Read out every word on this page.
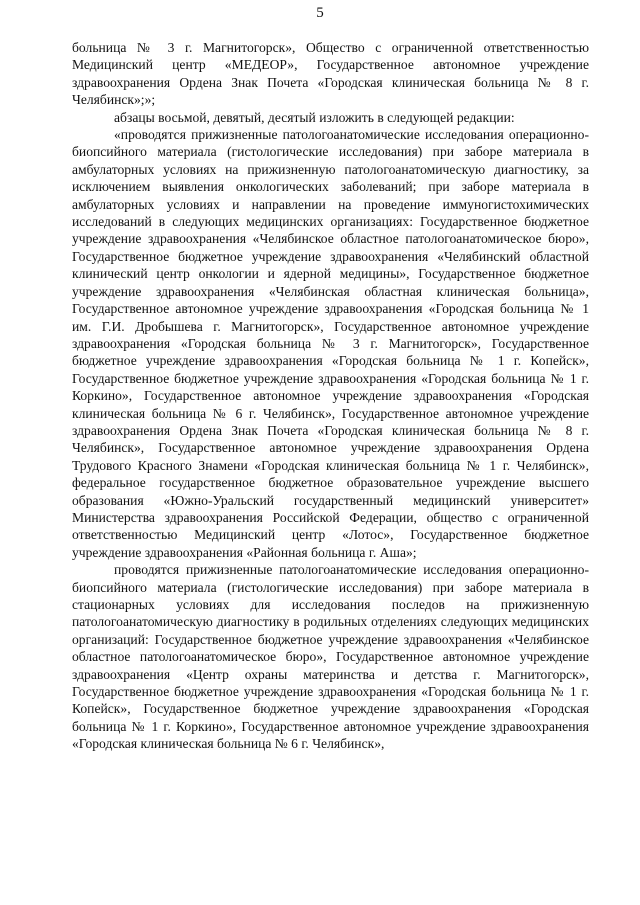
5

больница № 3 г. Магнитогорск», Общество с ограниченной ответственностью Медицинский центр «МЕДЕОР», Государственное автономное учреждение здравоохранения Ордена Знак Почета «Городская клиническая больница № 8 г. Челябинск»;»;

абзацы восьмой, девятый, десятый изложить в следующей редакции:

«проводятся прижизненные патологоанатомические исследования операционно-биопсийного материала (гистологические исследования) при заборе материала в амбулаторных условиях на прижизненную патологоанатомическую диагностику, за исключением выявления онкологических заболеваний; при заборе материала в амбулаторных условиях и направлении на проведение иммуногистохимических исследований в следующих медицинских организациях: Государственное бюджетное учреждение здравоохранения «Челябинское областное патологоанатомическое бюро», Государственное бюджетное учреждение здравоохранения «Челябинский областной клинический центр онкологии и ядерной медицины», Государственное бюджетное учреждение здравоохранения «Челябинская областная клиническая больница», Государственное автономное учреждение здравоохранения «Городская больница № 1 им. Г.И. Дробышева г. Магнитогорск», Государственное автономное учреждение здравоохранения «Городская больница № 3 г. Магнитогорск», Государственное бюджетное учреждение здравоохранения «Городская больница № 1 г. Копейск», Государственное бюджетное учреждение здравоохранения «Городская больница № 1 г. Коркино», Государственное автономное учреждение здравоохранения «Городская клиническая больница № 6 г. Челябинск», Государственное автономное учреждение здравоохранения Ордена Знак Почета «Городская клиническая больница № 8 г. Челябинск», Государственное автономное учреждение здравоохранения Ордена Трудового Красного Знамени «Городская клиническая больница № 1 г. Челябинск», федеральное государственное бюджетное образовательное учреждение высшего образования «Южно-Уральский государственный медицинский университет» Министерства здравоохранения Российской Федерации, общество с ограниченной ответственностью Медицинский центр «Лотос», Государственное бюджетное учреждение здравоохранения «Районная больница г. Аша»;

проводятся прижизненные патологоанатомические исследования операционно-биопсийного материала (гистологические исследования) при заборе материала в стационарных условиях для исследования последов на прижизненную патологоанатомическую диагностику в родильных отделениях следующих медицинских организаций: Государственное бюджетное учреждение здравоохранения «Челябинское областное патологоанатомическое бюро», Государственное автономное учреждение здравоохранения «Центр охраны материнства и детства г. Магнитогорск», Государственное бюджетное учреждение здравоохранения «Городская больница № 1 г. Копейск», Государственное бюджетное учреждение здравоохранения «Городская больница № 1 г. Коркино», Государственное автономное учреждение здравоохранения «Городская клиническая больница № 6 г. Челябинск»,
